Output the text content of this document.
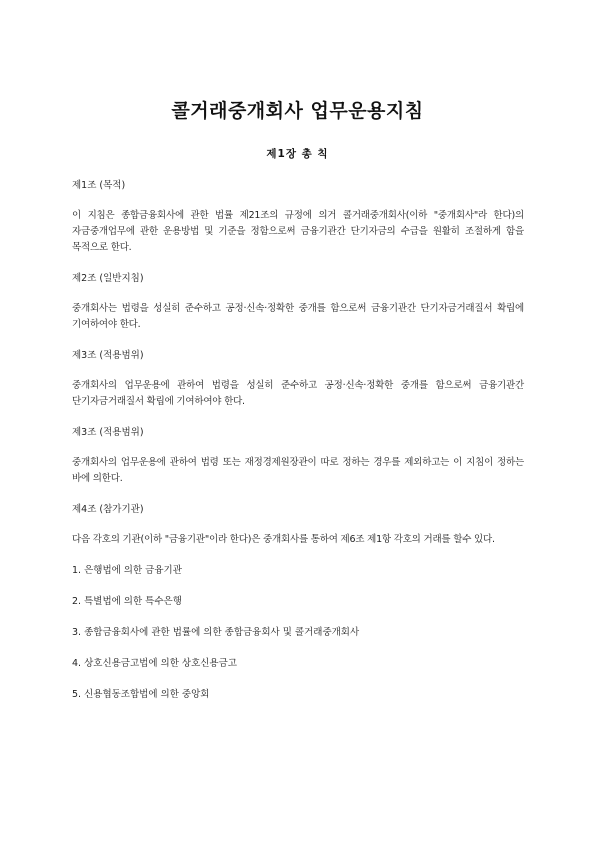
콜거래중개회사 업무운용지침
제1장 총 칙
제1조 (목적)
이 지침은 종합금융회사에 관한 법률 제21조의 규정에 의거 콜거래중개회사(이하 "중개회사"라 한다)의 자금중개업무에 관한 운용방법 및 기준을 정함으로써 금융기관간 단기자금의 수급을 원활히 조절하게 함을 목적으로 한다.
제2조 (일반지침)
중개회사는 법령을 성실히 준수하고 공정·신속·정확한 중개를 함으로써 금융기관간 단기자금거래질서 확립에 기여하여야 한다.
제3조 (적용범위)
중개회사의 업무운용에 관하여 법령을 성실히 준수하고 공정·신속·정확한 중개를 함으로써 금융기관간 단기자금거래질서 확립에 기여하여야 한다.
제3조 (적용범위)
중개회사의 업무운용에 관하여 법령 또는 재정경제원장관이 따로 정하는 경우를 제외하고는 이 지침이 정하는 바에 의한다.
제4조 (참가기관)
다음 각호의 기관(이하 "금융기관"이라 한다)은 중개회사를 통하여 제6조 제1항 각호의 거래를 할수 있다.
1. 은행법에 의한 금융기관
2. 특별법에 의한 특수은행
3. 종합금융회사에 관한 법률에 의한 종합금융회사 및 콜거래중개회사
4. 상호신용금고법에 의한 상호신용금고
5. 신용협동조합법에 의한 중앙회
